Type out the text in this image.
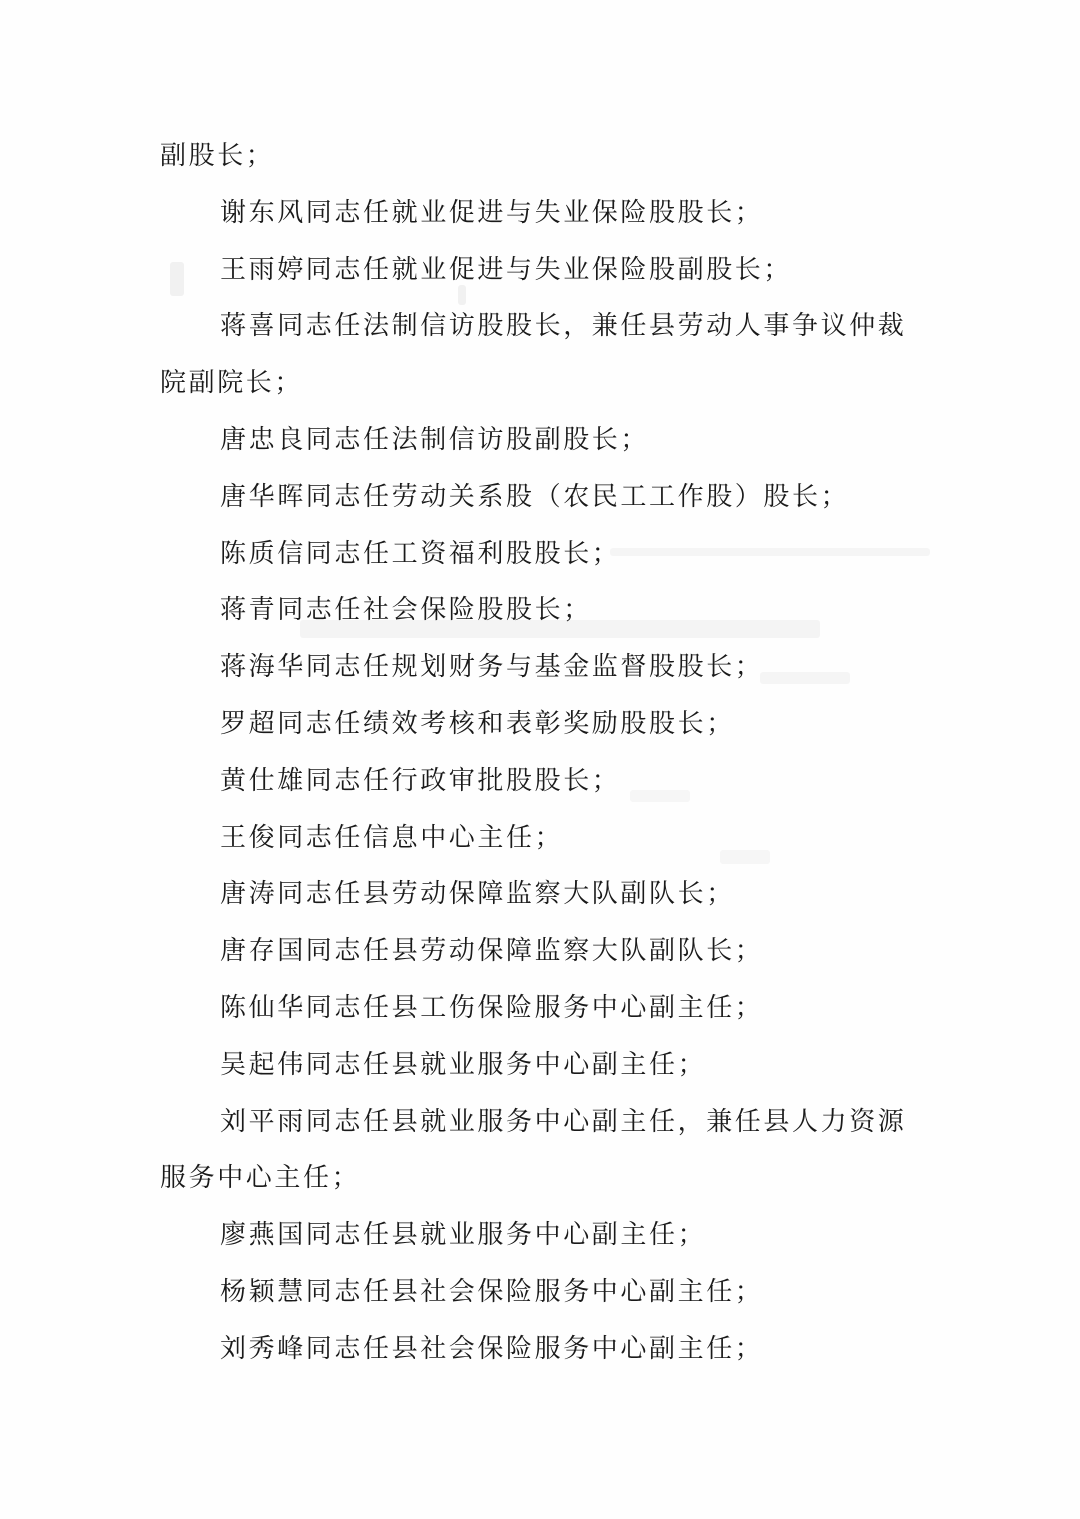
副股长；

谢东风同志任就业促进与失业保险股股长；

王雨婷同志任就业促进与失业保险股副股长；

蒋喜同志任法制信访股股长，兼任县劳动人事争议仲裁院副院长；

唐忠良同志任法制信访股副股长；

唐华晖同志任劳动关系股（农民工工作股）股长；

陈质信同志任工资福利股股长；

蒋青同志任社会保险股股长；

蒋海华同志任规划财务与基金监督股股长；

罗超同志任绩效考核和表彰奖励股股长；

黄仕雄同志任行政审批股股长；

王俊同志任信息中心主任；

唐涛同志任县劳动保障监察大队副队长；

唐存国同志任县劳动保障监察大队副队长；

陈仙华同志任县工伤保险服务中心副主任；

吴起伟同志任县就业服务中心副主任；

刘平雨同志任县就业服务中心副主任，兼任县人力资源服务中心主任；

廖燕国同志任县就业服务中心副主任；

杨颖慧同志任县社会保险服务中心副主任；

刘秀峰同志任县社会保险服务中心副主任；
